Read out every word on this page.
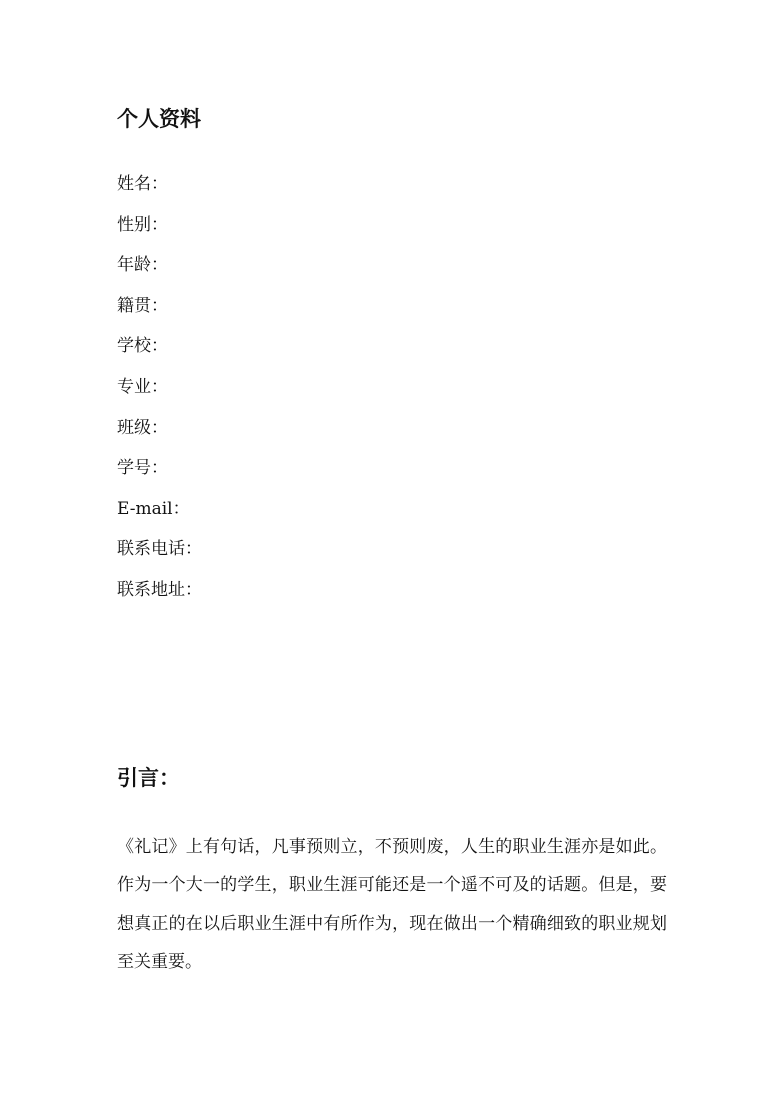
个人资料
姓名：
性别：
年龄：
籍贯：
学校：
专业：
班级：
学号：
E-mail：
联系电话：
联系地址：
引言：

《礼记》上有句话，凡事预则立，不预则废，人生的职业生涯亦是如此。作为一个大一的学生，职业生涯可能还是一个遥不可及的话题。但是，要想真正的在以后职业生涯中有所作为，现在做出一个精确细致的职业规划至关重要。
